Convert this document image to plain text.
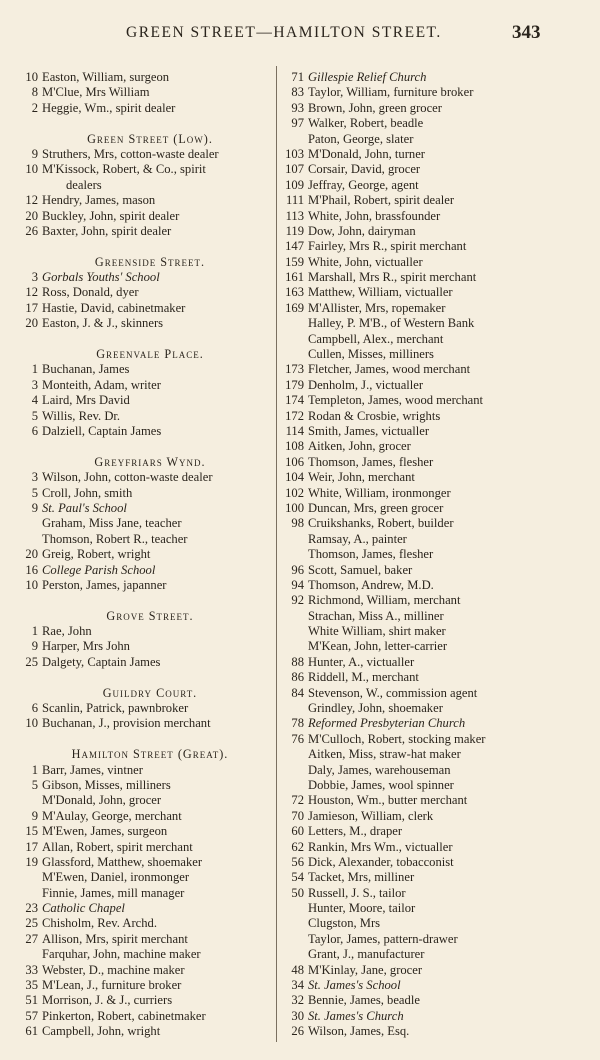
GREEN STREET—HAMILTON STREET.	343
10 Easton, William, surgeon
8 M'Clue, Mrs William
2 Heggie, Wm., spirit dealer
Green Street (Low).
9 Struthers, Mrs, cotton-waste dealer
10 M'Kissock, Robert, & Co., spirit
dealers
12 Hendry, James, mason
20 Buckley, John, spirit dealer
26 Baxter, John, spirit dealer
Greenside Street.
3 Gorbals Youths' School
12 Ross, Donald, dyer
17 Hastie, David, cabinetmaker
20 Easton, J. & J., skinners
Greenvale Place.
1 Buchanan, James
3 Monteith, Adam, writer
4 Laird, Mrs David
5 Willis, Rev. Dr.
6 Dalziell, Captain James
Greyfriars Wynd.
3 Wilson, John, cotton-waste dealer
5 Croll, John, smith
9 St. Paul's School
Graham, Miss Jane, teacher
Thomson, Robert R., teacher
20 Greig, Robert, wright
16 College Parish School
10 Perston, James, japanner
Grove Street.
1 Rae, John
9 Harper, Mrs John
25 Dalgety, Captain James
Guildry Court.
6 Scanlin, Patrick, pawnbroker
10 Buchanan, J., provision merchant
Hamilton Street (Great).
1 Barr, James, vintner
5 Gibson, Misses, milliners
M'Donald, John, grocer
9 M'Aulay, George, merchant
15 M'Ewen, James, surgeon
17 Allan, Robert, spirit merchant
19 Glassford, Matthew, shoemaker
M'Ewen, Daniel, ironmonger
Finnie, James, mill manager
23 Catholic Chapel
25 Chisholm, Rev. Archd.
27 Allison, Mrs, spirit merchant
Farquhar, John, machine maker
33 Webster, D., machine maker
35 M'Lean, J., furniture broker
51 Morrison, J. & J., curriers
57 Pinkerton, Robert, cabinetmaker
61 Campbell, John, wright
71 Gillespie Relief Church
83 Taylor, William, furniture broker
93 Brown, John, green grocer
97 Walker, Robert, beadle
Paton, George, slater
103 M'Donald, John, turner
107 Corsair, David, grocer
109 Jeffray, George, agent
111 M'Phail, Robert, spirit dealer
113 White, John, brassfounder
119 Dow, John, dairyman
147 Fairley, Mrs R., spirit merchant
159 White, John, victualler
161 Marshall, Mrs R., spirit merchant
163 Matthew, William, victualler
169 M'Allister, Mrs, ropemaker
Halley, P. M'B., of Western Bank
Campbell, Alex., merchant
Cullen, Misses, milliners
173 Fletcher, James, wood merchant
179 Denholm, J., victualler
174 Templeton, James, wood merchant
172 Rodan & Crosbie, wrights
114 Smith, James, victualler
108 Aitken, John, grocer
106 Thomson, James, flesher
104 Weir, John, merchant
102 White, William, ironmonger
100 Duncan, Mrs, green grocer
98 Cruikshanks, Robert, builder
Ramsay, A., painter
Thomson, James, flesher
96 Scott, Samuel, baker
94 Thomson, Andrew, M.D.
92 Richmond, William, merchant
Strachan, Miss A., milliner
White William, shirt maker
M'Kean, John, letter-carrier
88 Hunter, A., victualler
86 Riddell, M., merchant
84 Stevenson, W., commission agent
Grindley, John, shoemaker
78 Reformed Presbyterian Church
76 M'Culloch, Robert, stocking maker
Aitken, Miss, straw-hat maker
Daly, James, warehouseman
Dobbie, James, wool spinner
72 Houston, Wm., butter merchant
70 Jamieson, William, clerk
60 Letters, M., draper
62 Rankin, Mrs Wm., victualler
56 Dick, Alexander, tobacconist
54 Tacket, Mrs, milliner
50 Russell, J. S., tailor
Hunter, Moore, tailor
Clugston, Mrs
Taylor, James, pattern-drawer
Grant, J., manufacturer
48 M'Kinlay, Jane, grocer
34 St. James's School
32 Bennie, James, beadle
30 St. James's Church
26 Wilson, James, Esq.
